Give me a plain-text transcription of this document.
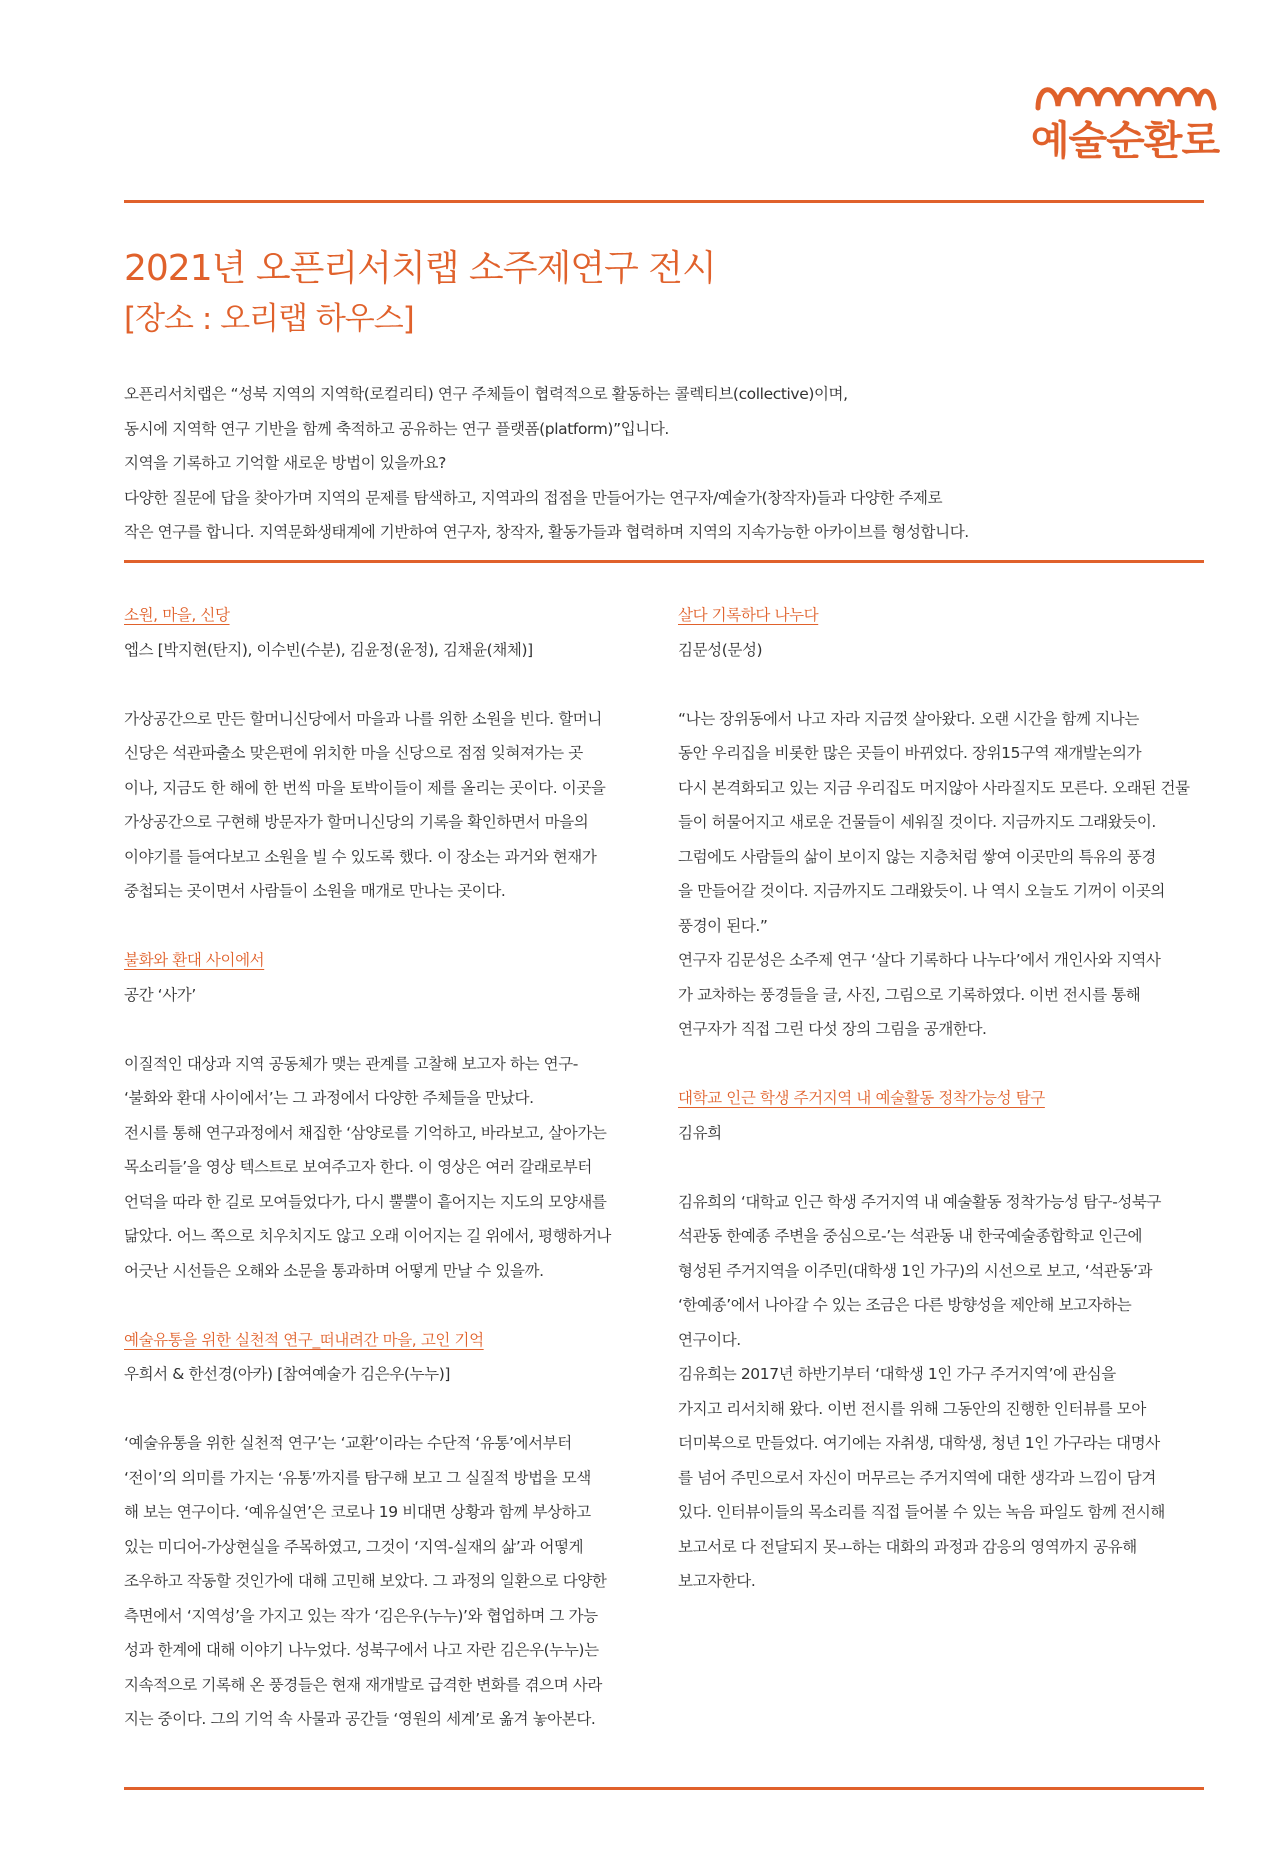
예술순환로
2021년 오픈리서치랩 소주제연구 전시
[장소 : 오리랩 하우스]
오픈리서치랩은 “성북 지역의 지역학(로컬리티) 연구 주체들이 협력적으로 활동하는 콜렉티브(collective)이며,
동시에 지역학 연구 기반을 함께 축적하고 공유하는 연구 플랫폼(platform)”입니다.
지역을 기록하고 기억할 새로운 방법이 있을까요?
다양한 질문에 답을 찾아가며 지역의 문제를 탐색하고, 지역과의 접점을 만들어가는 연구자/예술가(창작자)들과 다양한 주제로
작은 연구를 합니다. 지역문화생태계에 기반하여 연구자, 창작자, 활동가들과 협력하며 지역의 지속가능한 아카이브를 형성합니다.
소원, 마을, 신당
엡스 [박지현(탄지), 이수빈(수분), 김윤정(윤정), 김채윤(채체)]
가상공간으로 만든 할머니신당에서 마을과 나를 위한 소원을 빈다. 할머니
신당은 석관파출소 맞은편에 위치한 마을 신당으로 점점 잊혀져가는 곳
이나, 지금도 한 해에 한 번씩 마을 토박이들이 제를 올리는 곳이다. 이곳을
가상공간으로 구현해 방문자가 할머니신당의 기록을 확인하면서 마을의
이야기를 들여다보고 소원을 빌 수 있도록 했다. 이 장소는 과거와 현재가
중첩되는 곳이면서 사람들이 소원을 매개로 만나는 곳이다.
불화와 환대 사이에서
공간 ‘사가’
이질적인 대상과 지역 공동체가 맺는 관계를 고찰해 보고자 하는 연구-
‘불화와 환대 사이에서’는 그 과정에서 다양한 주체들을 만났다.
전시를 통해 연구과정에서 채집한 ‘삼양로를 기억하고, 바라보고, 살아가는
목소리들’을 영상 텍스트로 보여주고자 한다. 이 영상은 여러 갈래로부터
언덕을 따라 한 길로 모여들었다가, 다시 뿔뿔이 흩어지는 지도의 모양새를
닮았다. 어느 쪽으로 치우치지도 않고 오래 이어지는 길 위에서, 평행하거나
어긋난 시선들은 오해와 소문을 통과하며 어떻게 만날 수 있을까.
예술유통을 위한 실천적 연구_떠내려간 마을, 고인 기억
우희서 & 한선경(아카) [참여예술가 김은우(누누)]
‘예술유통을 위한 실천적 연구’는 ‘교환’이라는 수단적 ‘유통’에서부터
‘전이’의 의미를 가지는 ‘유통’까지를 탐구해 보고 그 실질적 방법을 모색
해 보는 연구이다. ‘예유실연’은 코로나 19 비대면 상황과 함께 부상하고
있는 미디어-가상현실을 주목하였고, 그것이 ‘지역-실재의 삶’과 어떻게
조우하고 작동할 것인가에 대해 고민해 보았다. 그 과정의 일환으로 다양한
측면에서 ‘지역성’을 가지고 있는 작가 ‘김은우(누누)’와 협업하며 그 가능
성과 한계에 대해 이야기 나누었다. 성북구에서 나고 자란 김은우(누누)는
지속적으로 기록해 온 풍경들은 현재 재개발로 급격한 변화를 겪으며 사라
지는 중이다. 그의 기억 속 사물과 공간들 ‘영원의 세계’로 옮겨 놓아본다.
살다 기록하다 나누다
김문성(문성)
“나는 장위동에서 나고 자라 지금껏 살아왔다. 오랜 시간을 함께 지나는
동안 우리집을 비롯한 많은 곳들이 바뀌었다. 장위15구역 재개발논의가
다시 본격화되고 있는 지금 우리집도 머지않아 사라질지도 모른다. 오래된 건물
들이 허물어지고 새로운 건물들이 세워질 것이다. 지금까지도 그래왔듯이.
그럼에도 사람들의 삶이 보이지 않는 지층처럼 쌓여 이곳만의 특유의 풍경
을 만들어갈 것이다. 지금까지도 그래왔듯이. 나 역시 오늘도 기꺼이 이곳의
풍경이 된다.”
연구자 김문성은 소주제 연구 ‘살다 기록하다 나누다’에서 개인사와 지역사
가 교차하는 풍경들을 글, 사진, 그림으로 기록하였다. 이번 전시를 통해
연구자가 직접 그린 다섯 장의 그림을 공개한다.
대학교 인근 학생 주거지역 내 예술활동 정착가능성 탐구
김유희
김유희의 ‘대학교 인근 학생 주거지역 내 예술활동 정착가능성 탐구-성북구
석관동 한예종 주변을 중심으로-’는 석관동 내 한국예술종합학교 인근에
형성된 주거지역을 이주민(대학생 1인 가구)의 시선으로 보고, ‘석관동’과
‘한예종’에서 나아갈 수 있는 조금은 다른 방향성을 제안해 보고자하는
연구이다.
김유희는 2017년 하반기부터 ‘대학생 1인 가구 주거지역’에 관심을
가지고 리서치해 왔다. 이번 전시를 위해 그동안의 진행한 인터뷰를 모아
더미북으로 만들었다. 여기에는 자취생, 대학생, 청년 1인 가구라는 대명사
를 넘어 주민으로서 자신이 머무르는 주거지역에 대한 생각과 느낌이 담겨
있다. 인터뷰이들의 목소리를 직접 들어볼 수 있는 녹음 파일도 함께 전시해
보고서로 다 전달되지 못ㅗ하는 대화의 과정과 감응의 영역까지 공유해
보고자한다.
